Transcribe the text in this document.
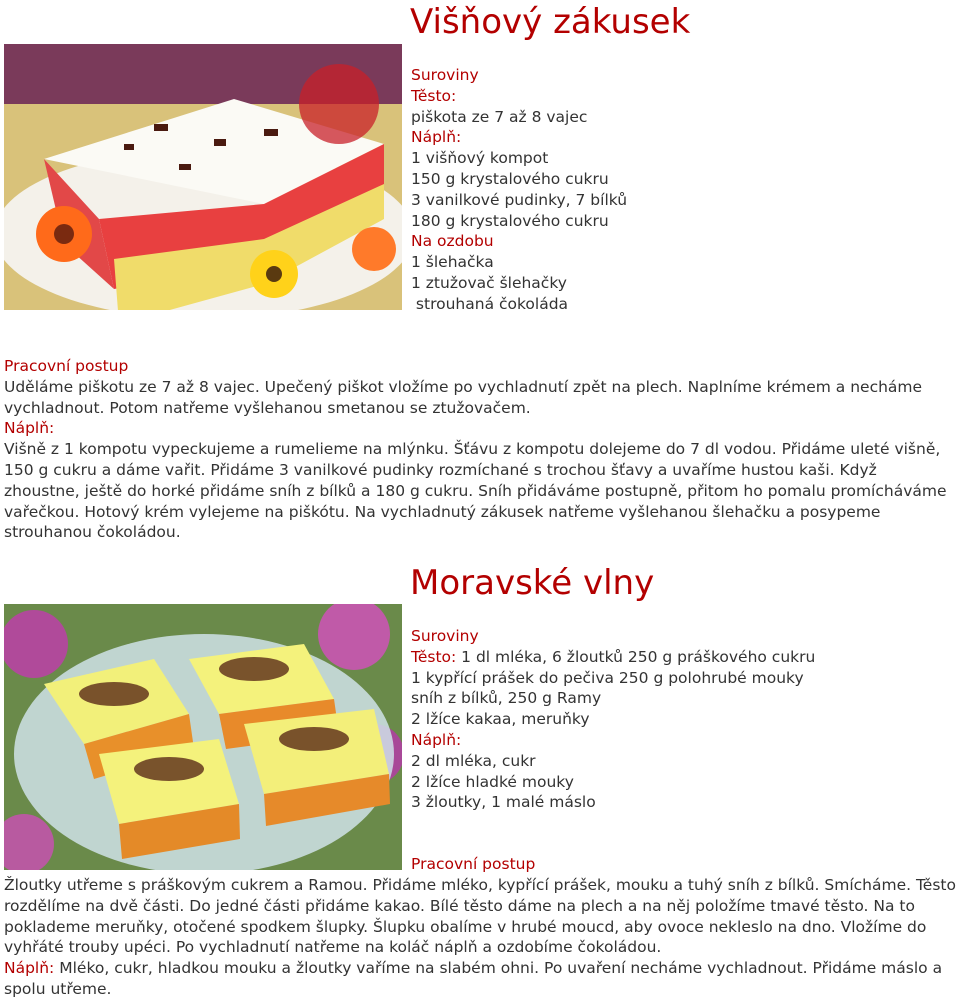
Višňový zákusek
Suroviny
Těsto:
piškota ze 7 až 8 vajec
Náplň:
1 višňový kompot
150 g krystalového cukru
3 vanilkové pudinky, 7 bílků
180 g krystalového cukru
Na ozdobu
1 šlehačka
1 ztužovač šlehačky
strouhaná čokoláda
Pracovní postup
Uděláme piškotu ze 7 až 8 vajec. Upečený piškot vložíme po vychladnutí zpět na plech. Naplníme krémem a necháme vychladnout. Potom natřeme vyšlehanou smetanou se ztužovačem.
Náplň:
Višně z 1 kompotu vypeckujeme a rumelieme na mlýnku. Šťávu z kompotu dolejeme do 7 dl vodou. Přidáme uleté višně, 150 g cukru a dáme vařit. Přidáme 3 vanilkové pudinky rozmíchané s trochou šťavy a uvaříme hustou kaši. Když zhoustne, ještě do horké přidáme sníh z bílků a 180 g cukru. Sníh přidáváme postupně, přitom ho pomalu promícháváme vařečkou. Hotový krém vylejeme na piškótu. Na vychladnutý zákusek natřeme vyšlehanou šlehačku a posypeme strouhanou čokoládou.
Moravské vlny
Suroviny
Těsto: 1 dl mléka, 6 žloutků 250 g práškového cukru
1 kypřící prášek do pečiva 250 g polohrubé mouky
sníh z bílků, 250 g Ramy
2 lžíce kakaa, meruňky
Náplň:
2 dl mléka, cukr
2 lžíce hladké mouky
3 žloutky, 1 malé máslo
Pracovní postup
Žloutky utřeme s práškovým cukrem a Ramou. Přidáme mléko, kypřící prášek, mouku a tuhý sníh z bílků. Smícháme. Těsto rozdělíme na dvě části. Do jedné části přidáme kakao. Bílé těsto dáme na plech a na něj položíme tmavé těsto. Na to poklademe meruňky, otočené spodkem šlupky. Šlupku obalíme v hrubé moucd, aby ovoce nekleslo na dno. Vložíme do vyhřáté trouby upéci. Po vychladnutí natřeme na koláč náplň a ozdobíme čokoládou.
Náplň: Mléko, cukr, hladkou mouku a žloutky vaříme na slabém ohni. Po uvaření necháme vychladnout. Přidáme máslo a spolu utřeme.
